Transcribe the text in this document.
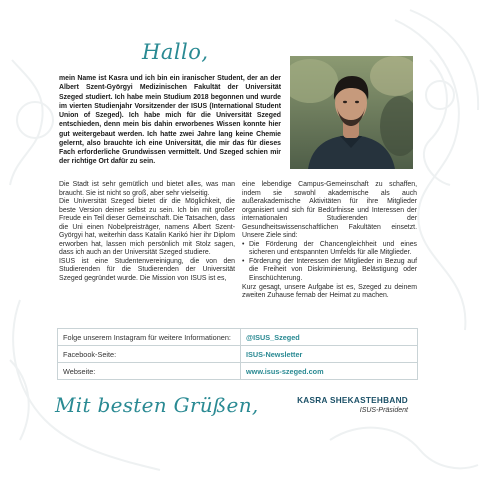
Hallo,
mein Name ist Kasra und ich bin ein iranischer Student, der an der Albert Szent-Györgyi Medizinischen Fakultät der Universität Szeged studiert. Ich habe mein Studium 2018 begonnen und wurde im vierten Studienjahr Vorsitzender der ISUS (International Student Union of Szeged). Ich habe mich für die Universität Szeged entschieden, denn mein bis dahin erworbenes Wissen konnte hier gut weitergebaut werden. Ich hatte zwei Jahre lang keine Chemie gelernt, also brauchte ich eine Universität, die mir das für dieses Fach erforderliche Grundwissen vermittelt. Und Szeged schien mir der richtige Ort dafür zu sein.

Die Stadt ist sehr gemütlich und bietet alles, was man braucht. Sie ist nicht so groß, aber sehr vielseitig.

Die Universität Szeged bietet dir die Möglichkeit, die beste Version deiner selbst zu sein. Ich bin mit großer Freude ein Teil dieser Gemeinschaft. Die Tatsachen, dass die Uni einen Nobelpreisträger, namens Albert Szent-Györgyi hat, weiterhin dass Katalin Karikó hier ihr Diplom erworben hat, lassen mich persönlich mit Stolz sagen, dass ich auch an der Universität Szeged studiere.

ISUS ist eine Studentenvereinigung, die von den Studierenden für die Studierenden der Universität Szeged gegründet wurde. Die Mission von ISUS ist es,

eine lebendige Campus-Gemeinschaft zu schaffen, indem sie sowohl akademische als auch außerakademische Aktivitäten für ihre Mitglieder organisiert und sich für Bedürfnisse und Interessen der internationalen Studierenden der Gesundheitswissenschaftlichen Fakultäten einsetzt. Unsere Ziele sind:

• Die Förderung der Chancengleichheit und eines sicheren und entspannten Umfelds für alle Mitglieder.
• Förderung der Interessen der Mitglieder in Bezug auf die Freiheit von Diskriminierung, Belästigung oder Einschüchterung.

Kurz gesagt, unsere Aufgabe ist es, Szeged zu deinem zweiten Zuhause fernab der Heimat zu machen.

Folge unserem Instagram für weitere Informationen:	@ISUS_Szeged
Facebook-Seite:	ISUS-Newsletter
Webseite:	www.isus-szeged.com
Mit besten Grüßen,	KASRA SHEKASTEHBAND
ISUS-Präsident
